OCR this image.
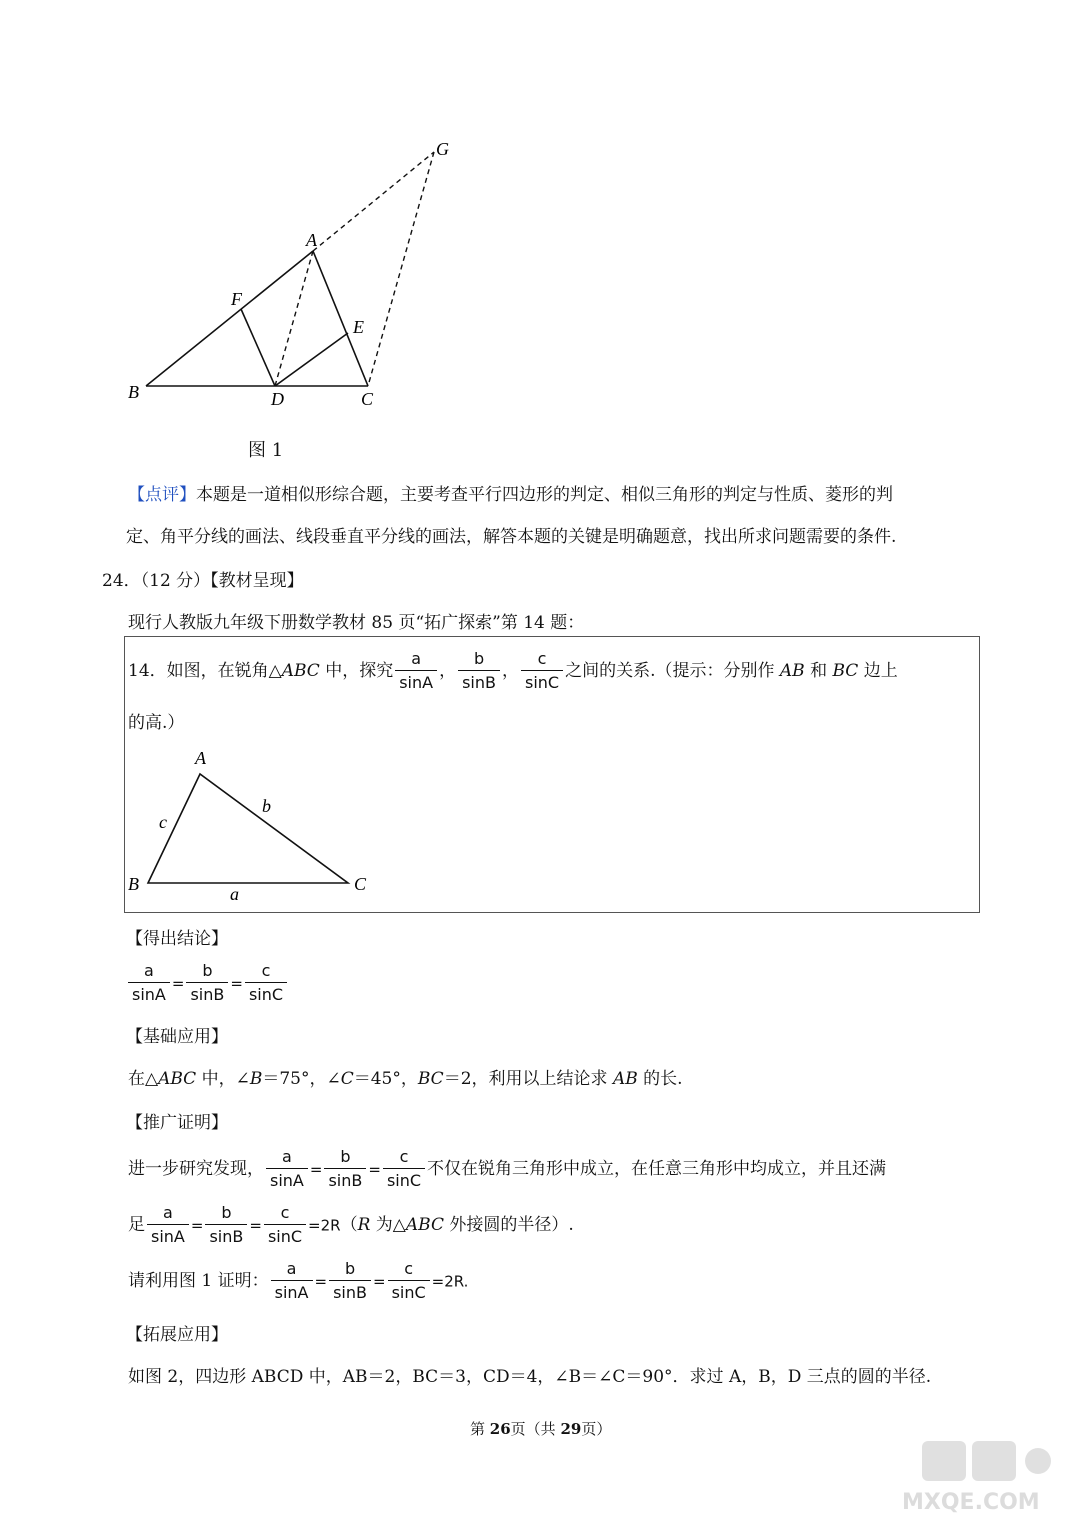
G
A
F
E
B	D	C
图 1
【点评】本题是一道相似形综合题，主要考查平行四边形的判定、相似三角形的判定与性质、菱形的判
定、角平分线的画法、线段垂直平分线的画法，解答本题的关键是明确题意，找出所求问题需要的条件.
24．（12 分）【教材呈现】
现行人教版九年级下册数学教材 85 页“拓广探索”第 14 题：
14．如图，在锐角△ABC 中，探究 $\frac{a}{\sin A}$ ， $\frac{b}{\sin B}$ ， $\frac{c}{\sin C}$ 之间的关系.（提示：分别作 AB 和 BC 边上
的高.）
A
B	C
b
c
a
【得出结论】
$\frac{a}{\sin A} = \frac{b}{\sin B} = \frac{c}{\sin C}$
【基础应用】
在△ABC 中，∠B＝75°，∠C＝45°，BC＝2，利用以上结论求 AB 的长.
【推广证明】
进一步研究发现， $\frac{a}{\sin A} = \frac{b}{\sin B} = \frac{c}{\sin C}$ 不仅在锐角三角形中成立，在任意三角形中均成立，并且还满
足 $\frac{a}{\sin A} = \frac{b}{\sin B} = \frac{c}{\sin C} =2R(R$ 为△ABC 外接圆的半径）.
请利用图 1 证明： $\frac{a}{\sin A} = \frac{b}{\sin B} = \frac{c}{\sin C} =2R$.
【拓展应用】
如图 2，四边形 ABCD 中，AB＝2，BC＝3，CD＝4，∠B＝∠C＝90°．求过 A，B，D 三点的圆的半径.
第 26页（共 29页）
MXQE.COM
